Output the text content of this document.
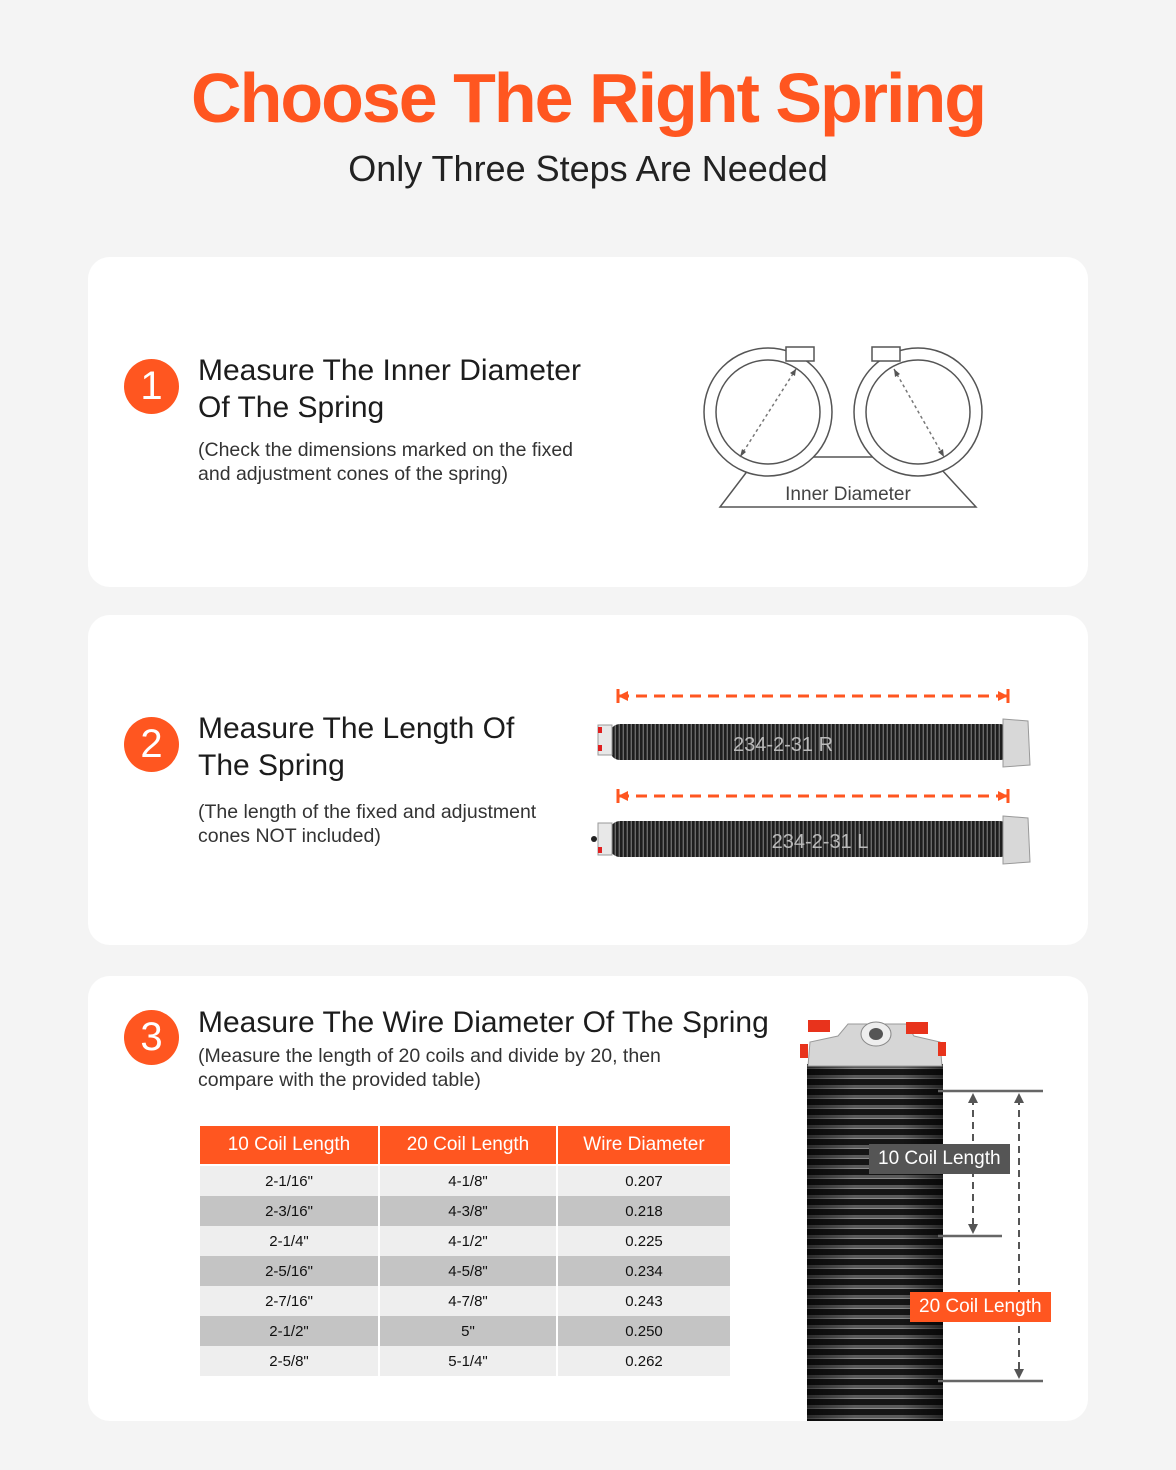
Choose The Right Spring
Only Three Steps Are Needed
1	Measure The Inner Diameter
Of The Spring
(Check the dimensions marked on the fixed
and adjustment cones of the spring)
Inner Diameter
2	Measure The Length Of
The Spring
(The length of the fixed and adjustment
cones NOT included)
234-2-31 R
234-2-31 L
3	Measure The Wire Diameter Of The Spring
(Measure the length of 20 coils and divide by 20, then
compare with the provided table)
10 Coil Length	20 Coil Length	Wire Diameter
2-1/16"	4-1/8"	0.207
2-3/16"	4-3/8"	0.218
2-1/4"	4-1/2"	0.225
2-5/16"	4-5/8"	0.234
2-7/16"	4-7/8"	0.243
2-1/2"	5"	0.250
2-5/8"	5-1/4"	0.262
10 Coil Length
20 Coil Length
